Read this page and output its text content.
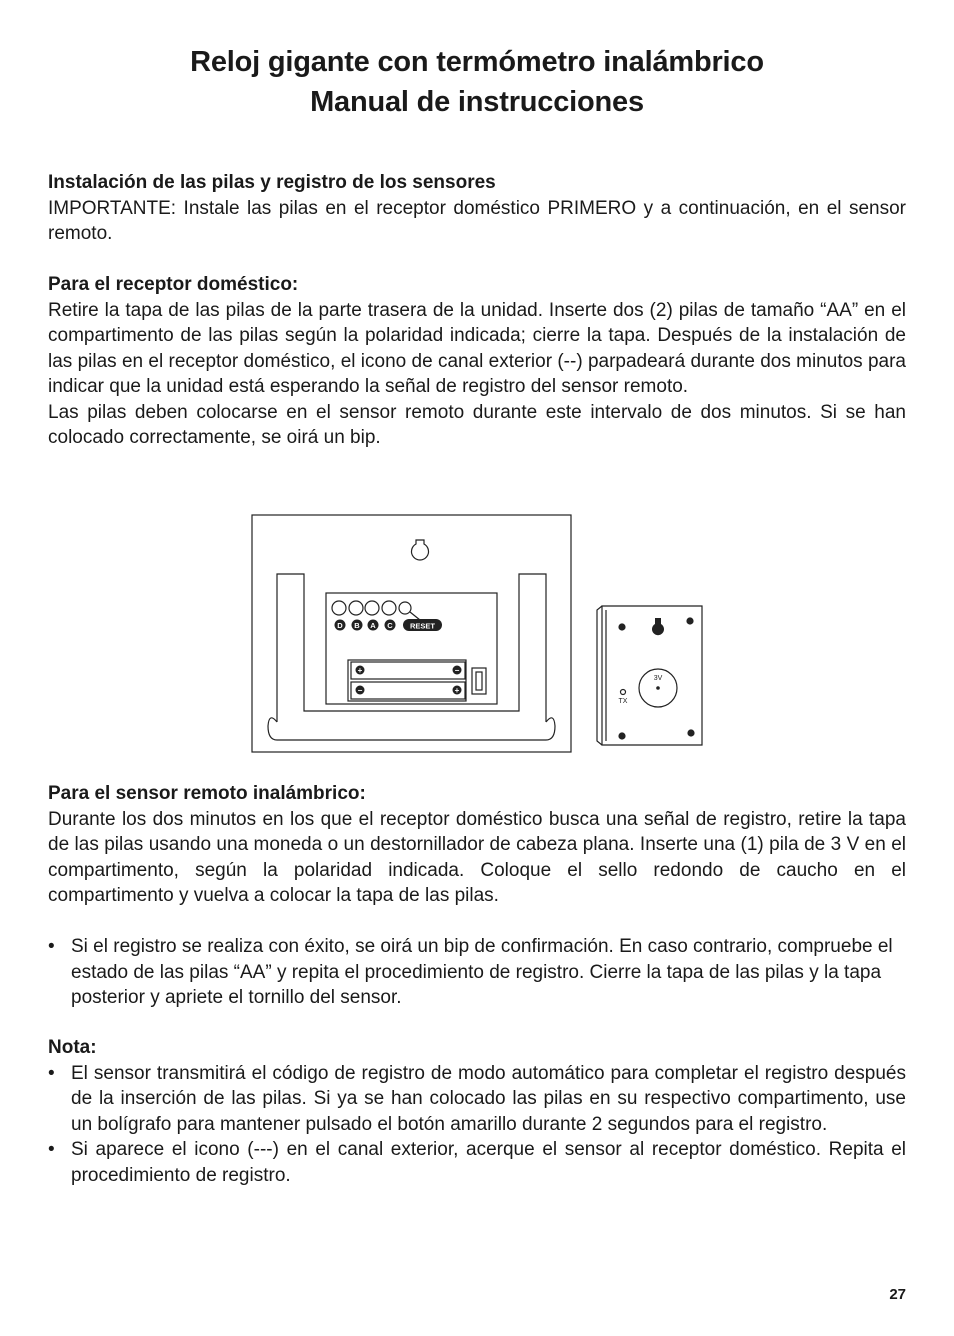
Reloj gigante con termómetro inalámbrico
Manual de instrucciones
Instalación de las pilas y registro de los sensores

IMPORTANTE: Instale las pilas en el receptor doméstico PRIMERO y a continuación, en el sensor remoto.

Para el receptor doméstico:

Retire la tapa de las pilas de la parte trasera de la unidad. Inserte dos (2) pilas de tamaño “AA” en el compartimento de las pilas según la polaridad indicada; cierre la tapa. Después de la instalación de las pilas en el receptor doméstico, el icono de canal exterior (--) parpadeará durante dos minutos para indicar que la unidad está esperando la señal de registro del sensor remoto.

Las pilas deben colocarse en el sensor remoto durante este intervalo de dos minutos. Si se han colocado correctamente, se oirá un bip.

D B A C RESET
+	−
−	+
3V
TX
Para el sensor remoto inalámbrico:

Durante los dos minutos en los que el receptor doméstico busca una señal de registro, retire la tapa de las pilas usando una moneda o un destornillador de cabeza plana. Inserte una (1) pila de 3 V en el compartimento, según la polaridad indicada. Coloque el sello redondo de caucho en el compartimento y vuelva a colocar la tapa de las pilas.

• Si el registro se realiza con éxito, se oirá un bip de confirmación. En caso contrario, compruebe el estado de las pilas “AA” y repita el procedimiento de registro. Cierre la tapa de las pilas y la tapa posterior y apriete el tornillo del sensor.
Nota:
• El sensor transmitirá el código de registro de modo automático para completar el registro después de la inserción de las pilas. Si ya se han colocado las pilas en su respectivo compartimento, use un bolígrafo para mantener pulsado el botón amarillo durante 2 segundos para el registro.
• Si aparece el icono (---) en el canal exterior, acerque el sensor al receptor doméstico. Repita el procedimiento de registro.
27
